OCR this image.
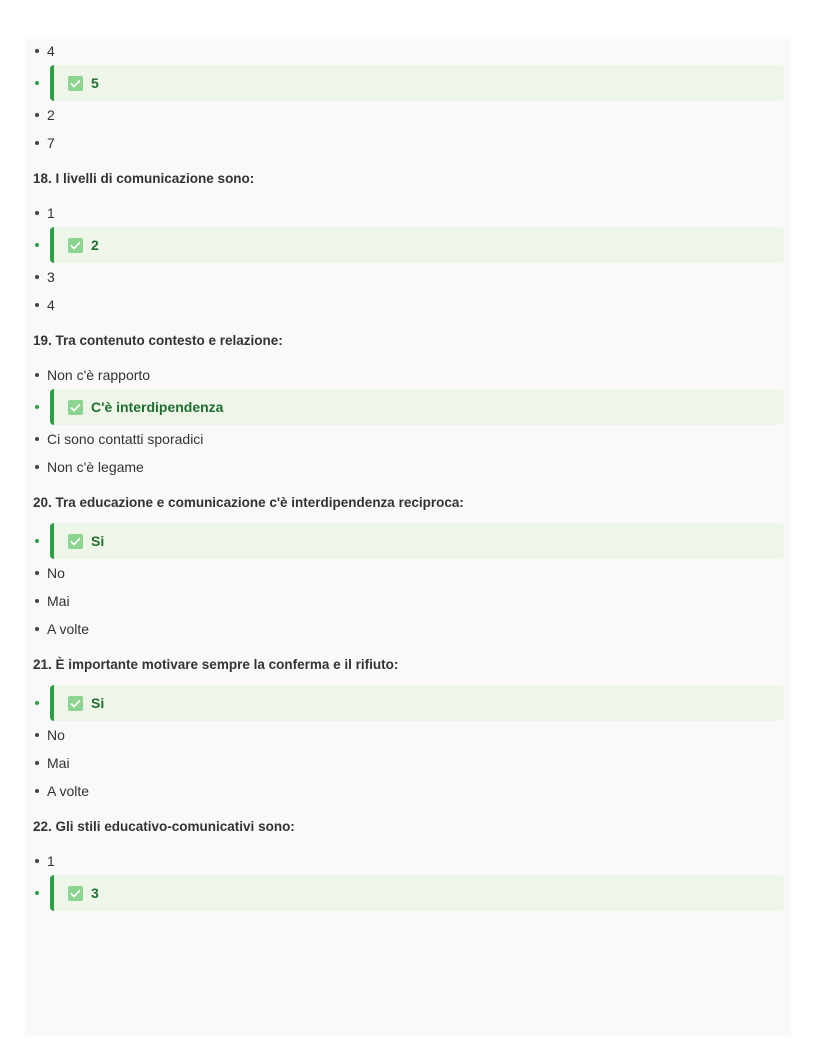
4
5
2
7
18. I livelli di comunicazione sono:
1
2
3
4
19. Tra contenuto contesto e relazione:
Non c'è rapporto
C'è interdipendenza
Ci sono contatti sporadici
Non c'è legame
20. Tra educazione e comunicazione c'è interdipendenza reciproca:
Si
No
Mai
A volte
21. È importante motivare sempre la conferma e il rifiuto:
Si
No
Mai
A volte
22. Gli stili educativo-comunicativi sono:
1
3
